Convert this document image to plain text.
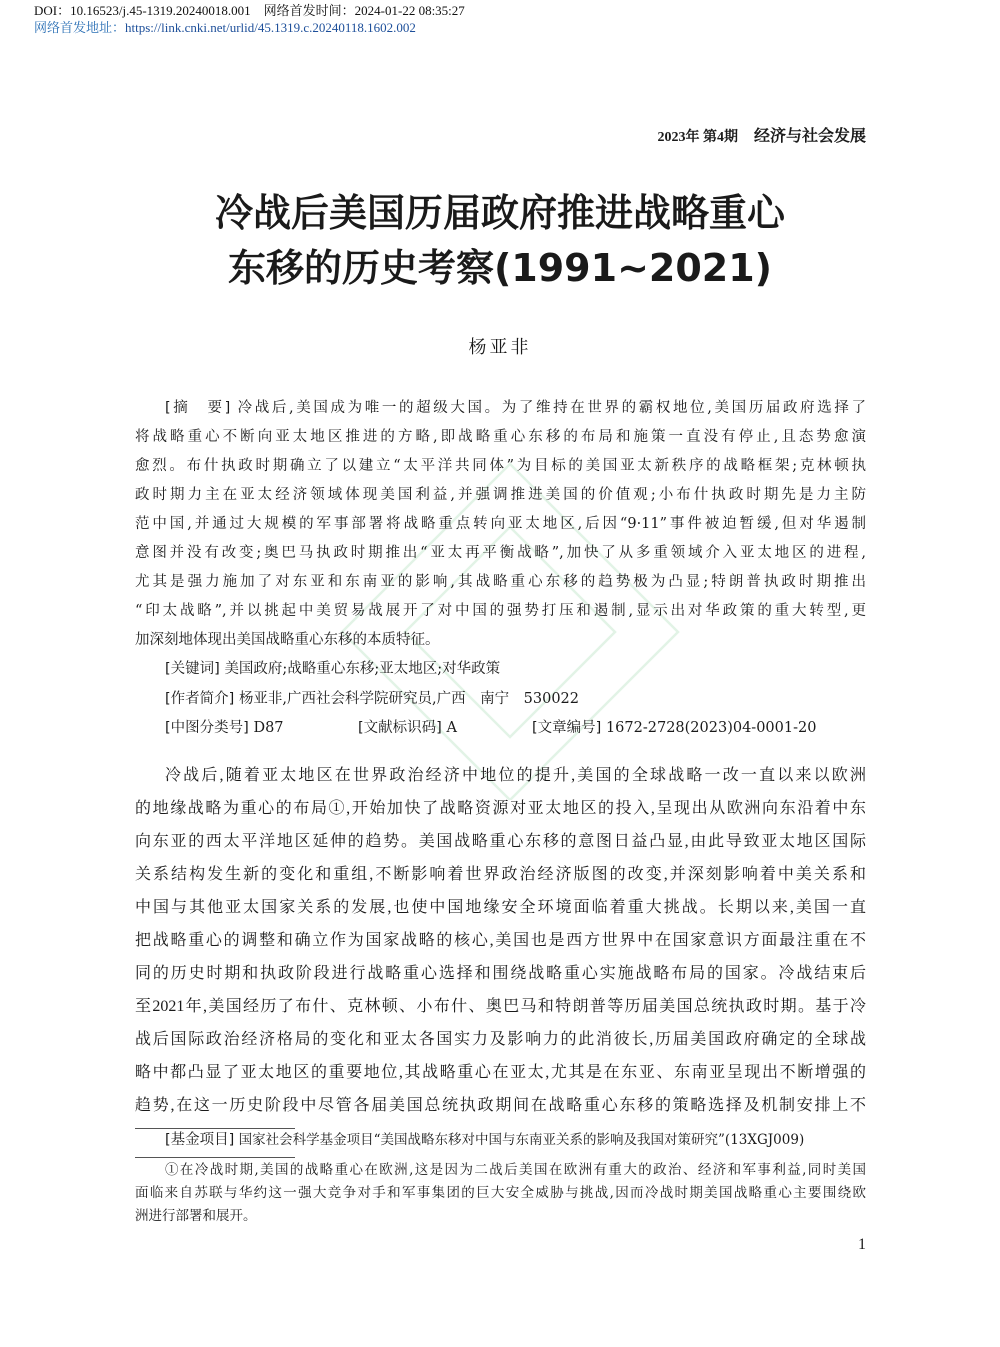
DOI：10.16523/j.45-1319.20240018.001　网络首发时间：2024-01-22 08:35:27
网络首发地址：https://link.cnki.net/urlid/45.1319.c.20240118.1602.002
2023年 第4期 经济与社会发展
冷战后美国历届政府推进战略重心
东移的历史考察(1991~2021)
杨亚非
[摘　要] 冷战后,美国成为唯一的超级大国。为了维持在世界的霸权地位,美国历届政府选择了
将战略重心不断向亚太地区推进的方略,即战略重心东移的布局和施策一直没有停止,且态势愈演
愈烈。布什执政时期确立了以建立“太平洋共同体”为目标的美国亚太新秩序的战略框架;克林顿执
政时期力主在亚太经济领域体现美国利益,并强调推进美国的价值观;小布什执政时期先是力主防
范中国,并通过大规模的军事部署将战略重点转向亚太地区,后因“9·11”事件被迫暂缓,但对华遏制
意图并没有改变;奥巴马执政时期推出“亚太再平衡战略”,加快了从多重领域介入亚太地区的进程,
尤其是强力施加了对东亚和东南亚的影响,其战略重心东移的趋势极为凸显;特朗普执政时期推出
“印太战略”,并以挑起中美贸易战展开了对中国的强势打压和遏制,显示出对华政策的重大转型,更
加深刻地体现出美国战略重心东移的本质特征。
[关键词] 美国政府;战略重心东移;亚太地区;对华政策
[作者简介] 杨亚非,广西社会科学院研究员,广西　南宁　530022
[中图分类号] D87	[文献标识码] A	[文章编号] 1672-2728(2023)04-0001-20
冷战后,随着亚太地区在世界政治经济中地位的提升,美国的全球战略一改一直以来以欧洲
的地缘战略为重心的布局①,开始加快了战略资源对亚太地区的投入,呈现出从欧洲向东沿着中东
向东亚的西太平洋地区延伸的趋势。美国战略重心东移的意图日益凸显,由此导致亚太地区国际
关系结构发生新的变化和重组,不断影响着世界政治经济版图的改变,并深刻影响着中美关系和
中国与其他亚太国家关系的发展,也使中国地缘安全环境面临着重大挑战。长期以来,美国一直
把战略重心的调整和确立作为国家战略的核心,美国也是西方世界中在国家意识方面最注重在不
同的历史时期和执政阶段进行战略重心选择和围绕战略重心实施战略布局的国家。冷战结束后
至2021年,美国经历了布什、克林顿、小布什、奥巴马和特朗普等历届美国总统执政时期。基于冷
战后国际政治经济格局的变化和亚太各国实力及影响力的此消彼长,历届美国政府确定的全球战
略中都凸显了亚太地区的重要地位,其战略重心在亚太,尤其是在东亚、东南亚呈现出不断增强的
趋势,在这一历史阶段中尽管各届美国总统执政期间在战略重心东移的策略选择及机制安排上不
[基金项目] 国家社会科学基金项目“美国战略东移对中国与东南亚关系的影响及我国对策研究”(13XGJ009)
①在冷战时期,美国的战略重心在欧洲,这是因为二战后美国在欧洲有重大的政治、经济和军事利益,同时美国
面临来自苏联与华约这一强大竞争对手和军事集团的巨大安全威胁与挑战,因而冷战时期美国战略重心主要围绕欧
洲进行部署和展开。
1
